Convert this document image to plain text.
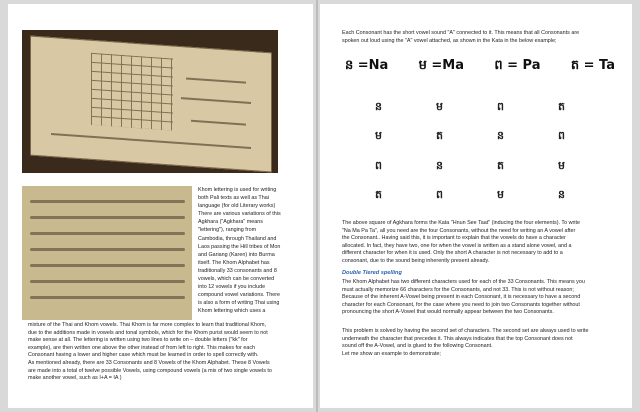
Khom lettering is used for writing

both Pali texts as well as Thai

language (for old Literary works)

There are various variations of this

Agkhara ("Agkhara" means

"lettering"), ranging from

Cambodia, through Thailand and

Laos passing the Hill tribes of Mon

and Gariang (Karen) into Burma

itself. The Khom Alphabet has

traditionally 33 consonants and 8

vowels, which can be converted

into 12 vowels if you include

compound vowel variations. There

is also a form of writing Thai using

Khom lettering which uses a

mixture of the Thai and Khom vowels. Thai Khom is far more complex to learn that traditional Khom,

due to the additions made in vowels and tonal symbols, which for the Khom purist would seem to not

make sense at all. The lettering is written using two lines to write on – double letters ("kk" for

example), are then written one above the other instead of from left to right. This makes for each

Consonant having a lower and higher case which must be learned in order to spell correctly with.

As mentioned already, there are 33 Consonants and 8 Vowels of the Khom Alphabet. These 8 Vowels

are made into a total of twelve possible Vowels, using compound vowels (a mix of two single vowels to

make another vowel, such as I+A = IA )

Each Consonant has the short vowel sound "A" connected to it. This means that all Consonants are

spoken out loud using the "A" vowel attached, as shown in the Kata in the below example;

ន =Na ម =Ma ព = Pa ត = Ta
ន	ម	ព	ត
ម	ត	ន	ព
ព	ន	ត	ម
ត	ព	ម	ន

The above square of Agkhara forms the Kata "Hnun See Taat" (inducing the four elements). To write

"Na Ma Pa Ta", all you need are the four Consonants, without the need for writing an A vowel after

the Consonant.. Having said this, it is important to explain that the vowels do have a character

allocated. In fact, they have two, one for when the vowel is written as a stand alone vowel, and a

different character for when it is used. Only the short A character is not necessary to add to a

consonant, due to the sound being inherently present already.

Double Tiered spelling

The Khom Alphabet has two different characters used for each of the 33 Consonants. This means you

must actually memorize 66 characters for the Consonants, and not 33. This is not without reason;

Because of the inherent A-Vowel being present in each Consonant, it is necessary to have a second

character for each Consonant, for the case where you need to join two Consonants together without

pronouncing the short A-Vowel that would normally appear between the two Consonants.

This problem is solved by having the second set of characters. The second set are always used to write

underneath the character that precedes it. This always indicates that the top Consonant does not

sound off the A-Vowel, and is glued to the following Consonant.

Let me show an example to demonstrate;
